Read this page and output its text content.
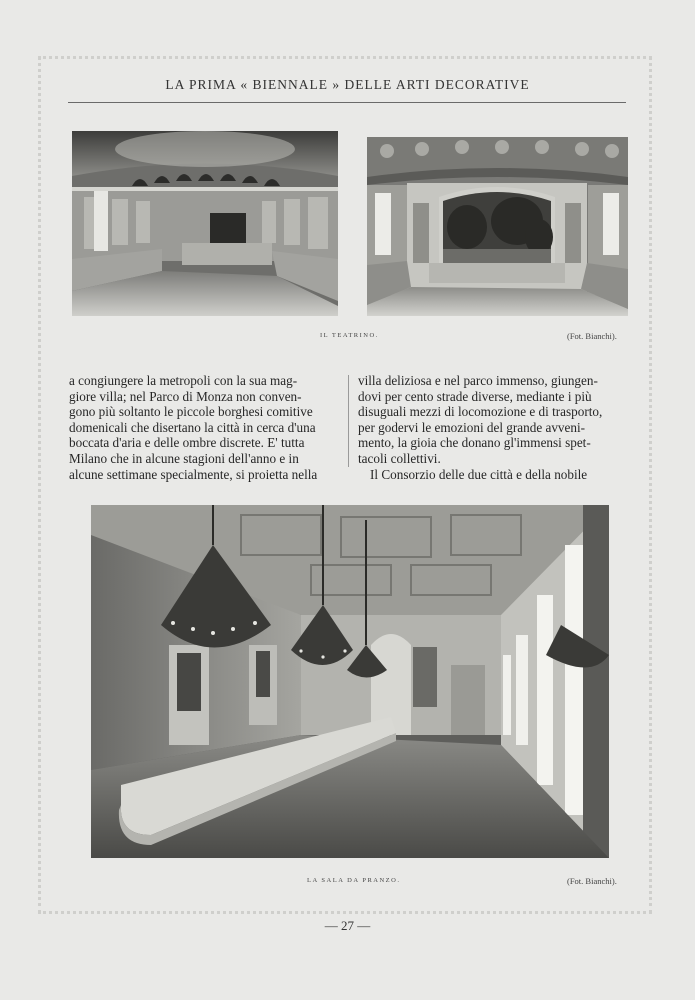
LA PRIMA « BIENNALE » DELLE ARTI DECORATIVE
IL TEATRINO.	(Fot. Bianchi).
a congiungere la metropoli con la sua mag-
giore villa; nel Parco di Monza non conven-
gono più soltanto le piccole borghesi comitive
domenicali che disertano la città in cerca d'una
boccata d'aria e delle ombre discrete. E' tutta
Milano che in alcune stagioni dell'anno e in
alcune settimane specialmente, si proietta nella
villa deliziosa e nel parco immenso, giungen-
dovi per cento strade diverse, mediante i più
disuguali mezzi di locomozione e di trasporto,
per godervi le emozioni del grande avveni-
mento, la gioia che donano gl'immensi spet-
tacoli collettivi.
Il Consorzio delle due città e della nobile
LA SALA DA PRANZO.	(Fot. Bianchi).
— 27 —
